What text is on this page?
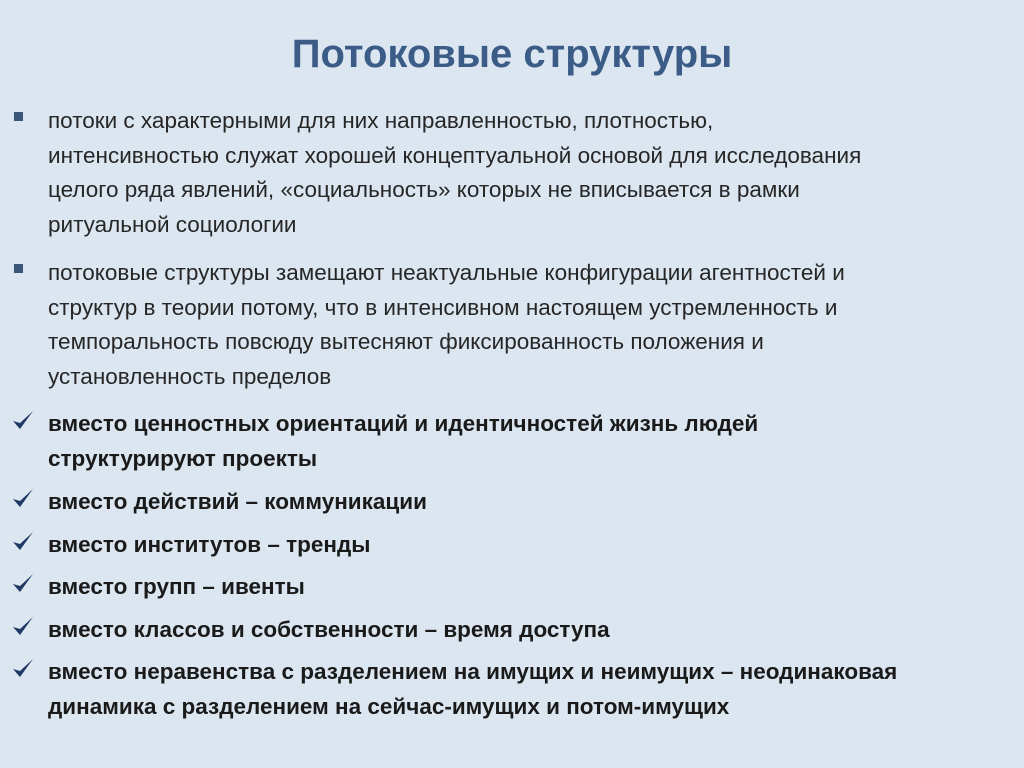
Потоковые структуры
потоки с характерными для них направленностью, плотностью,
интенсивностью служат хорошей концептуальной основой для исследования
целого ряда явлений, «социальность» которых не вписывается в рамки
ритуальной социологии
потоковые структуры замещают неактуальные конфигурации агентностей и
структур в теории потому, что в интенсивном настоящем устремленность и
темпоральность повсюду вытесняют фиксированность положения и
установленность пределов
вместо ценностных ориентаций и идентичностей жизнь людей
структурируют проекты
вместо действий – коммуникации
вместо институтов – тренды
вместо групп – ивенты
вместо классов и собственности – время доступа
вместо неравенства с разделением на имущих и неимущих – неодинаковая
динамика с разделением на сейчас-имущих и потом-имущих
